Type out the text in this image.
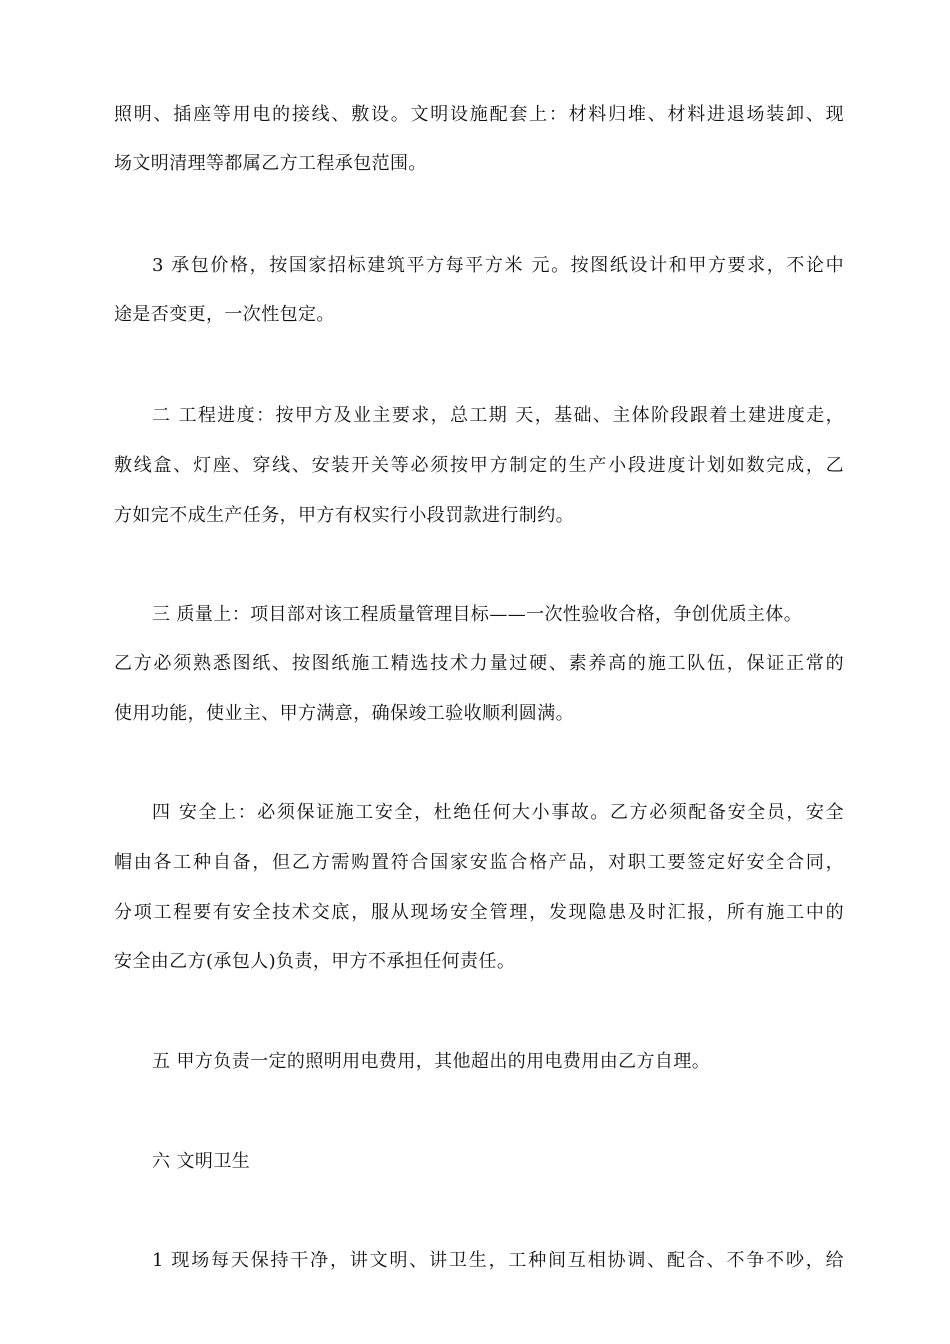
照明、插座等用电的接线、敷设。文明设施配套上：材料归堆、材料进退场装卸、现
场文明清理等都属乙方工程承包范围。
3 承包价格，按国家招标建筑平方每平方米 元。按图纸设计和甲方要求，不论中
途是否变更，一次性包定。
二 工程进度：按甲方及业主要求，总工期 天，基础、主体阶段跟着土建进度走，
敷线盒、灯座、穿线、安装开关等必须按甲方制定的生产小段进度计划如数完成，乙
方如完不成生产任务，甲方有权实行小段罚款进行制约。
三 质量上：项目部对该工程质量管理目标——一次性验收合格，争创优质主体。
乙方必须熟悉图纸、按图纸施工精选技术力量过硬、素养高的施工队伍，保证正常的
使用功能，使业主、甲方满意，确保竣工验收顺利圆满。
四 安全上：必须保证施工安全，杜绝任何大小事故。乙方必须配备安全员，安全
帽由各工种自备，但乙方需购置符合国家安监合格产品，对职工要签定好安全合同，
分项工程要有安全技术交底，服从现场安全管理，发现隐患及时汇报，所有施工中的
安全由乙方(承包人)负责，甲方不承担任何责任。
五 甲方负责一定的照明用电费用，其他超出的用电费用由乙方自理。
六 文明卫生
1 现场每天保持干净，讲文明、讲卫生，工种间互相协调、配合、不争不吵，给
